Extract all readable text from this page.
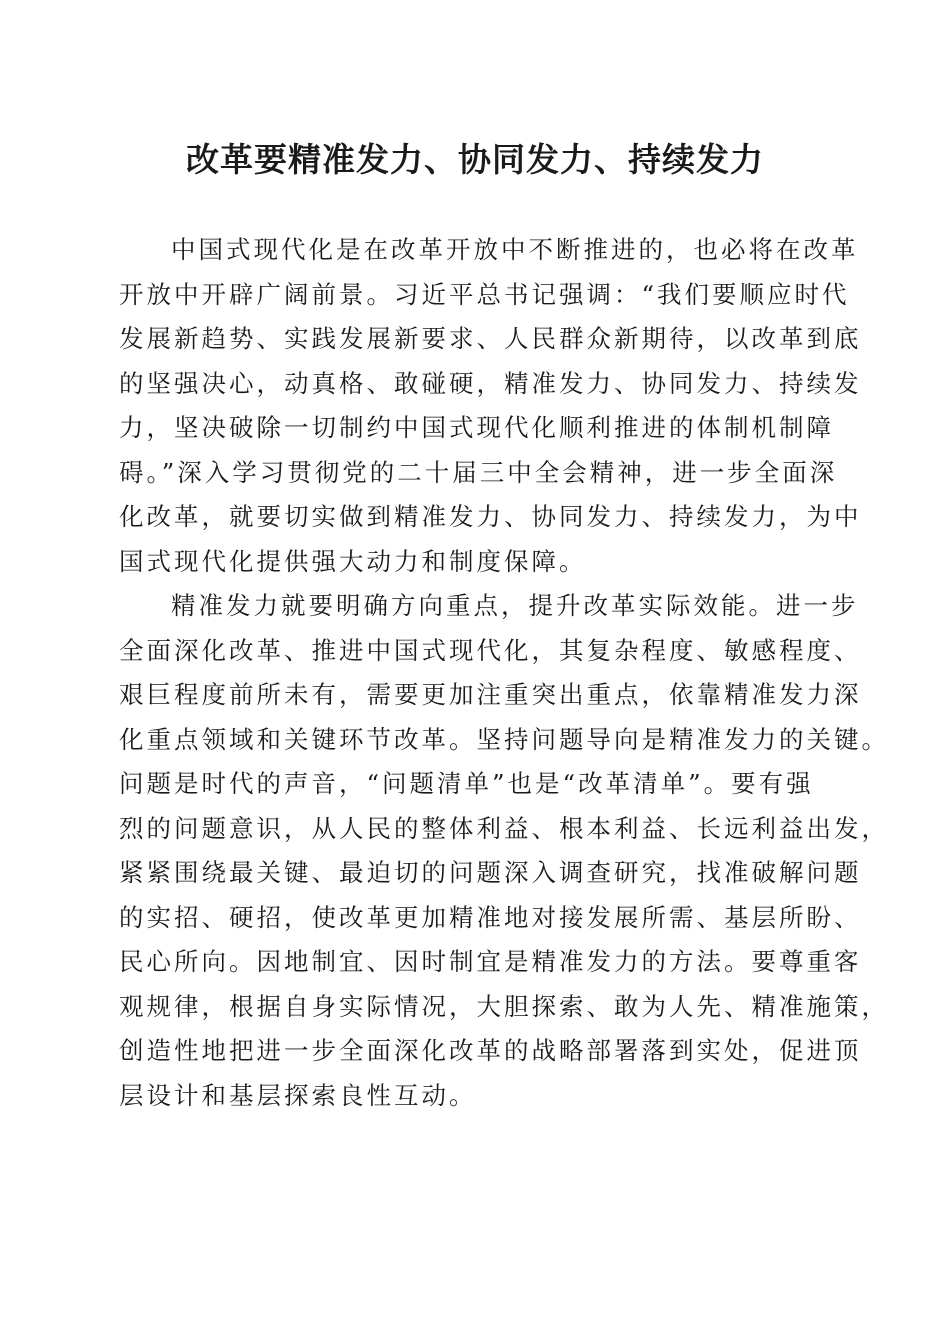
改革要精准发力、协同发力、持续发力
中国式现代化是在改革开放中不断推进的，也必将在改革
开放中开辟广阔前景。习近平总书记强调：“我们要顺应时代
发展新趋势、实践发展新要求、人民群众新期待，以改革到底
的坚强决心，动真格、敢碰硬，精准发力、协同发力、持续发
力，坚决破除一切制约中国式现代化顺利推进的体制机制障
碍。”深入学习贯彻党的二十届三中全会精神，进一步全面深
化改革，就要切实做到精准发力、协同发力、持续发力，为中
国式现代化提供强大动力和制度保障。
精准发力就要明确方向重点，提升改革实际效能。进一步
全面深化改革、推进中国式现代化，其复杂程度、敏感程度、
艰巨程度前所未有，需要更加注重突出重点，依靠精准发力深
化重点领域和关键环节改革。坚持问题导向是精准发力的关键。
问题是时代的声音，“问题清单”也是“改革清单”。要有强
烈的问题意识，从人民的整体利益、根本利益、长远利益出发，
紧紧围绕最关键、最迫切的问题深入调查研究，找准破解问题
的实招、硬招，使改革更加精准地对接发展所需、基层所盼、
民心所向。因地制宜、因时制宜是精准发力的方法。要尊重客
观规律，根据自身实际情况，大胆探索、敢为人先、精准施策，
创造性地把进一步全面深化改革的战略部署落到实处，促进顶
层设计和基层探索良性互动。
